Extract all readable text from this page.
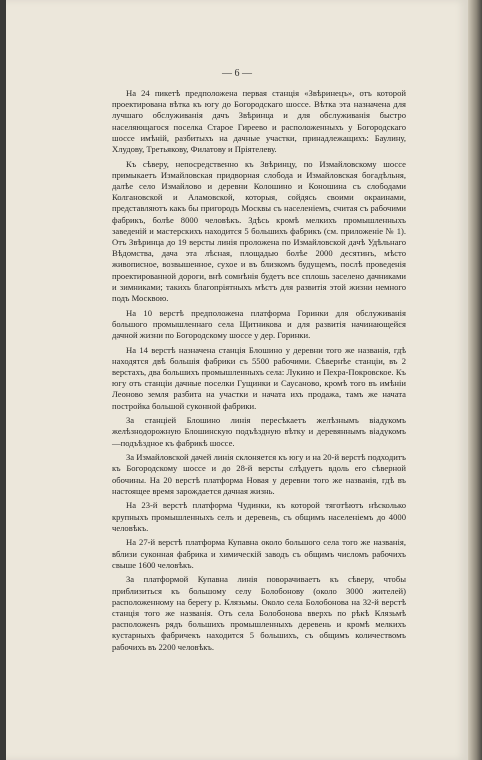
— 6 —

На 24 пикетѣ предположена первая станція «Звѣринецъ», отъ которой проектирована вѣтка къ югу до Богородскаго шоссе. Вѣтка эта назначена для лучшаго обслуживанія дачъ Звѣринца и для обслуживанія быстро населяющагося поселка Старое Гиреево и расположенныхъ у Богородскаго шоссе имѣній, разбитыхъ на дачные участки, принадлежащихъ: Баулину, Хлудову, Третьякову, Филатову и Пріятелеву.

Къ сѣверу, непосредственно къ Звѣринцу, по Измайловскому шоссе примыкаетъ Измайловская придворная слобода и Измайловская богадѣльня, далѣе село Измайлово и деревни Колошино и Коношина съ слободами Колгановской и Аламовской, которыя, сойдясь своими окраинами, представляютъ какъ бы пригородъ Москвы съ населеніемъ, считая съ рабочими фабрикъ, болѣе 8000 человѣкъ. Здѣсь кромѣ мелкихъ промышленныхъ заведеній и мастерскихъ находится 5 большихъ фабрикъ (см. приложеніе № 1). Отъ Звѣринца до 19 версты линія проложена по Измайловской дачѣ Удѣльнаго Вѣдомства, дача эта лѣсная, площадью болѣе 2000 десятинъ, мѣсто живописное, возвышенное, сухое и въ близкомъ будущемъ, послѣ проведенія проектированной дороги, внѣ сомнѣнія будетъ все сплошь заселено дачниками и зимниками; такихъ благопріятныхъ мѣстъ для развитія этой жизни немного подъ Москвою.

На 10 верстѣ предположена платформа Горинки для обслуживанія большого промышленнаго села Щитникова и для развитія начинающейся дачной жизни по Богородскому шоссе у дер. Горинки.

На 14 верстѣ назначена станція Блошино у деревни того же названія, гдѣ находятся двѣ большія фабрики съ 5500 рабочими. Сѣвернѣе станціи, въ 2 верстахъ, два большихъ промышленныхъ села: Лукино и Пехра-Покровское. Къ югу отъ станціи дачные поселки Гущинки и Саусаново, кромѣ того въ имѣніи Леоново земля разбита на участки и начата ихъ продажа, тамъ же начата постройка большой суконной фабрики.

За станціей Блошино линія пересѣкаетъ желѣзнымъ віадукомъ желѣзнодорожную Блошинскую подъѣздную вѣтку и деревяннымъ віадукомъ—подъѣздное къ фабрикѣ шоссе.

За Измайловской дачей линія склоняется къ югу и на 20-й верстѣ подходитъ къ Богородскому шоссе и до 28-й версты слѣдуетъ вдоль его сѣверной обочины. На 20 верстѣ платформа Новая у деревни того же названія, гдѣ въ настоящее время зарождается дачная жизнь.

На 23-й верстѣ платформа Чудинки, къ которой тяготѣютъ нѣсколько крупныхъ промышленныхъ селъ и деревень, съ общимъ населеніемъ до 4000 человѣкъ.

На 27-й верстѣ платформа Купавна около большого села того же названія, вблизи суконная фабрика и химическій заводъ съ общимъ числомъ рабочихъ свыше 1600 человѣкъ.

За платформой Купавна линія поворачиваетъ къ сѣверу, чтобы приблизиться къ большому селу Болобонову (около 3000 жителей) расположенному на берегу р. Клязьмы. Около села Болобонова на 32-й верстѣ станція того же названія. Отъ села Болобонова вверхъ по рѣкѣ Клязьмѣ расположенъ рядъ большихъ промышленныхъ деревень и кромѣ мелкихъ кустарныхъ фабричекъ находится 5 большихъ, съ общимъ количествомъ рабочихъ въ 2200 человѣкъ.
